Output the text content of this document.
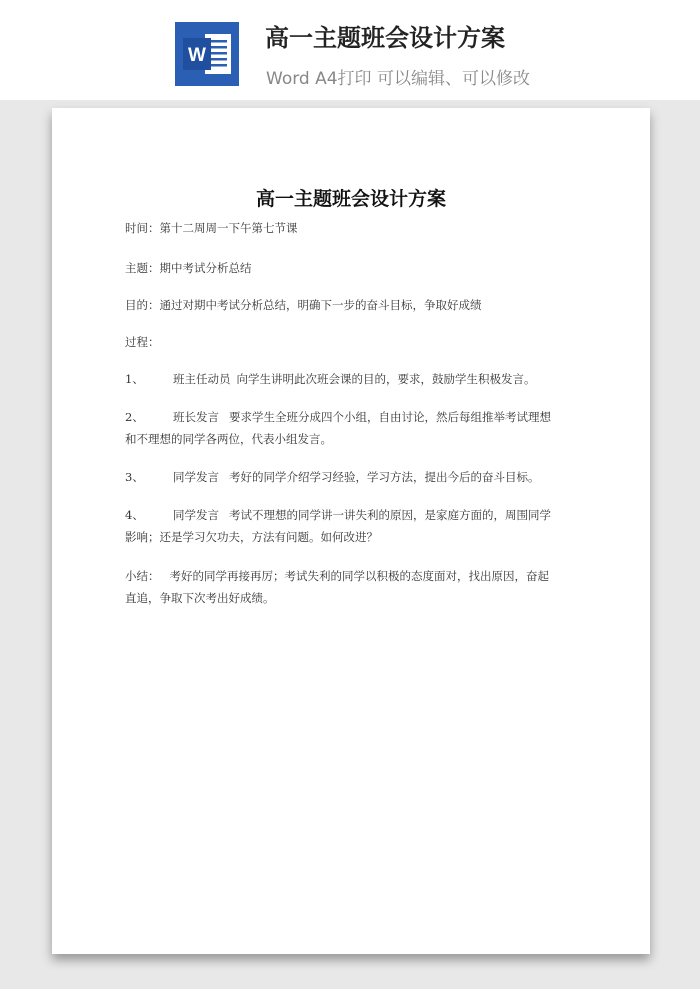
W
高一主题班会设计方案
Word A4打印 可以编辑、可以修改
高一主题班会设计方案
时间：第十二周周一下午第七节课
主题：期中考试分析总结
目的：通过对期中考试分析总结，明确下一步的奋斗目标，争取好成绩
过程：
1、	班主任动员 向学生讲明此次班会课的目的，要求，鼓励学生积极发言。
2、	班长发言 要求学生全班分成四个小组，自由讨论，然后每组推举考试理想
和不理想的同学各两位，代表小组发言。
3、	同学发言 考好的同学介绍学习经验，学习方法，提出今后的奋斗目标。
4、	同学发言 考试不理想的同学讲一讲失利的原因，是家庭方面的，周围同学
影响；还是学习欠功夫，方法有问题。如何改进？
小结： 考好的同学再接再厉；考试失利的同学以积极的态度面对，找出原因，奋起
直追，争取下次考出好成绩。
